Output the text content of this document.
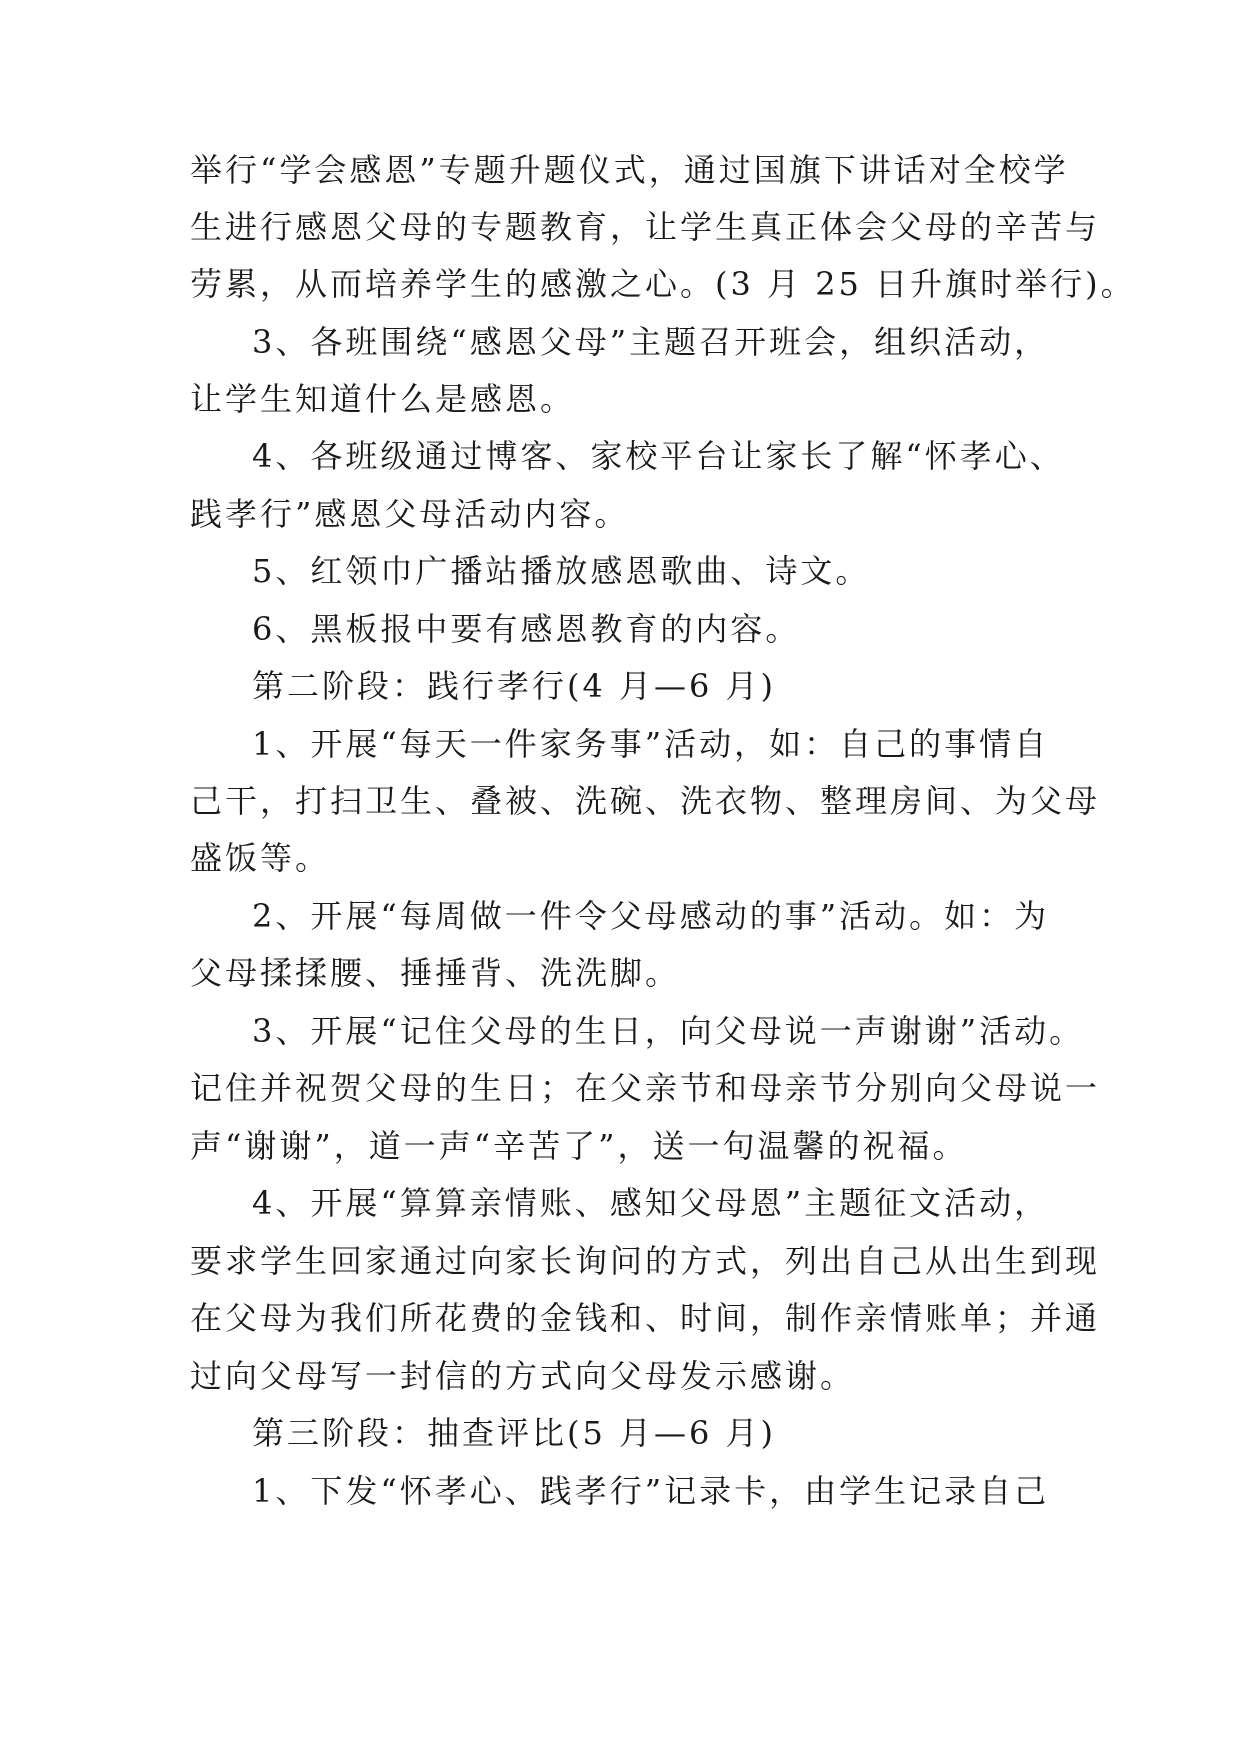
举行“学会感恩”专题升题仪式，通过国旗下讲话对全校学
生进行感恩父母的专题教育，让学生真正体会父母的辛苦与
劳累，从而培养学生的感激之心。(3 月 25 日升旗时举行)。
3、各班围绕“感恩父母”主题召开班会，组织活动，
让学生知道什么是感恩。
4、各班级通过博客、家校平台让家长了解“怀孝心、
践孝行”感恩父母活动内容。
5、红领巾广播站播放感恩歌曲、诗文。
6、黑板报中要有感恩教育的内容。
第二阶段：践行孝行(4 月—6 月)
1、开展“每天一件家务事”活动，如：自己的事情自
己干，打扫卫生、叠被、洗碗、洗衣物、整理房间、为父母
盛饭等。
2、开展“每周做一件令父母感动的事”活动。如：为
父母揉揉腰、捶捶背、洗洗脚。
3、开展“记住父母的生日，向父母说一声谢谢”活动。
记住并祝贺父母的生日；在父亲节和母亲节分别向父母说一
声“谢谢”，道一声“辛苦了”，送一句温馨的祝福。
4、开展“算算亲情账、感知父母恩”主题征文活动，
要求学生回家通过向家长询问的方式，列出自己从出生到现
在父母为我们所花费的金钱和、时间，制作亲情账单；并通
过向父母写一封信的方式向父母发示感谢。
第三阶段：抽查评比(5 月—6 月)
1、下发“怀孝心、践孝行”记录卡，由学生记录自己
